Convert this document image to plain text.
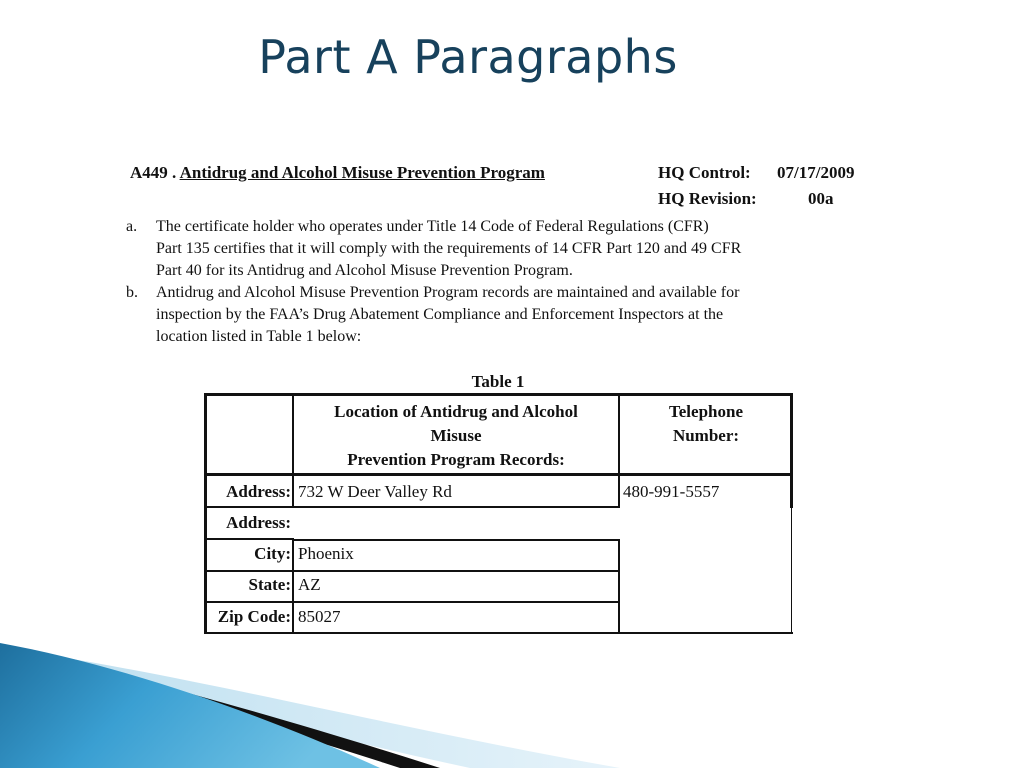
Part A Paragraphs
A449 . Antidrug and Alcohol Misuse Prevention Program	HQ Control: 07/17/2009
HQ Revision:	00a
a. The certificate holder who operates under Title 14 Code of Federal Regulations (CFR)
Part 135 certifies that it will comply with the requirements of 14 CFR Part 120 and 49 CFR
Part 40 for its Antidrug and Alcohol Misuse Prevention Program.
b. Antidrug and Alcohol Misuse Prevention Program records are maintained and available for
inspection by the FAA’s Drug Abatement Compliance and Enforcement Inspectors at the
location listed in Table 1 below:
Table 1
Location of Antidrug and Alcohol
Misuse
Prevention Program Records:
Telephone
Number:
Address:
Address:
City:
State:
Zip Code:
732 W Deer Valley Rd
Phoenix
AZ
85027
480-991-5557
